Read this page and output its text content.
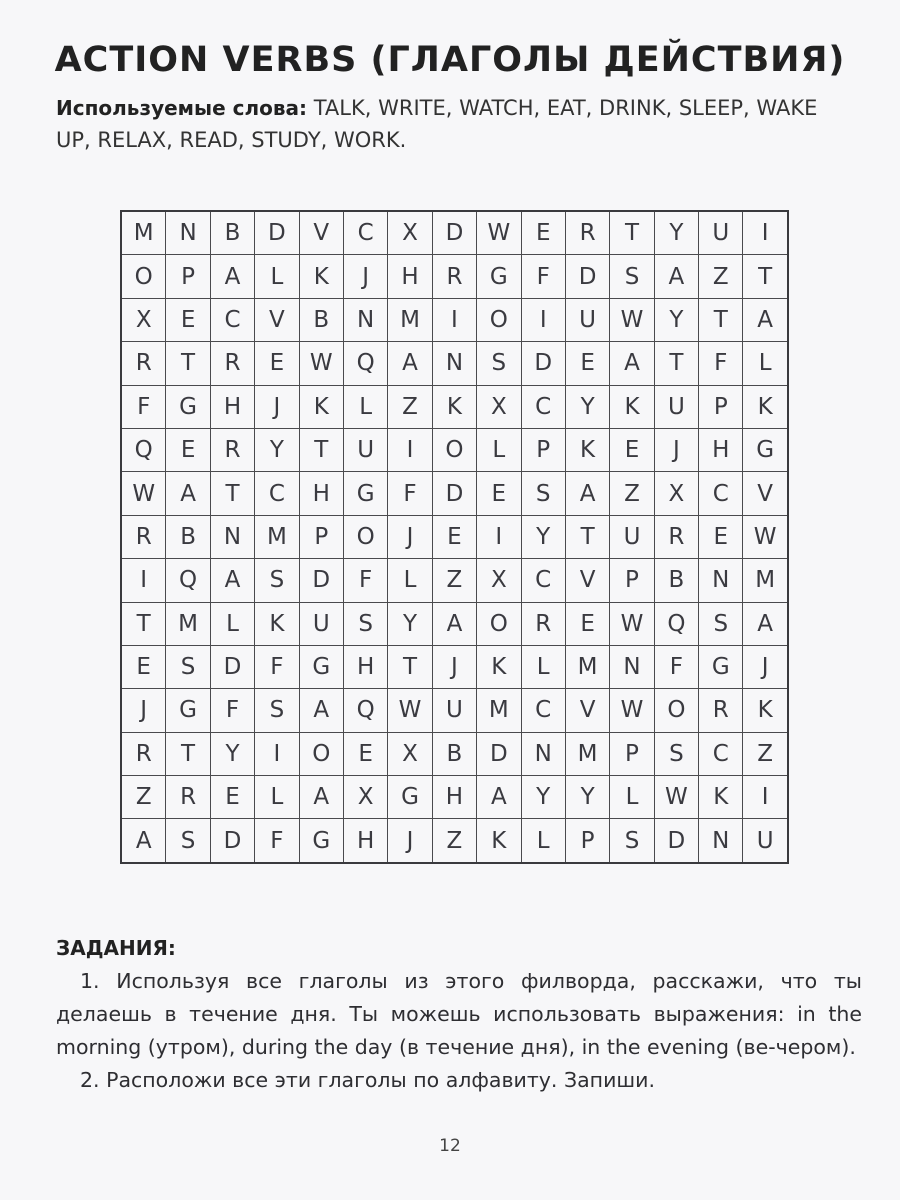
ACTION VERBS (ГЛАГОЛЫ ДЕЙСТВИЯ)
Используемые слова: TALK, WRITE, WATCH, EAT, DRINK, SLEEP, WAKE UP, RELAX, READ, STUDY, WORK.
M	N	B	D	V	C	X	D	W	E	R	T	Y	U	I
O	P	A	L	K	J	H	R	G	F	D	S	A	Z	T
X	E	C	V	B	N	M	I	O	I	U	W	Y	T	A
R	T	R	E	W	Q	A	N	S	D	E	A	T	F	L
F	G	H	J	K	L	Z	K	X	C	Y	K	U	P	K
Q	E	R	Y	T	U	I	O	L	P	K	E	J	H	G
W	A	T	C	H	G	F	D	E	S	A	Z	X	C	V
R	B	N	M	P	O	J	E	I	Y	T	U	R	E	W
I	Q	A	S	D	F	L	Z	X	C	V	P	B	N	M
T	M	L	K	U	S	Y	A	O	R	E	W	Q	S	A
E	S	D	F	G	H	T	J	K	L	M	N	F	G	J
J	G	F	S	A	Q	W	U	M	C	V	W	O	R	K
R	T	Y	I	O	E	X	B	D	N	M	P	S	C	Z
Z	R	E	L	A	X	G	H	A	Y	Y	L	W	K	I
A	S	D	F	G	H	J	Z	K	L	P	S	D	N	U
ЗАДАНИЯ:

1. Используя все глаголы из этого филворда, расскажи, что ты делаешь в течение дня. Ты можешь использовать выражения: in the morning (утром), during the day (в течение дня), in the evening (ве-чером).

2. Расположи все эти глаголы по алфавиту. Запиши.

12
